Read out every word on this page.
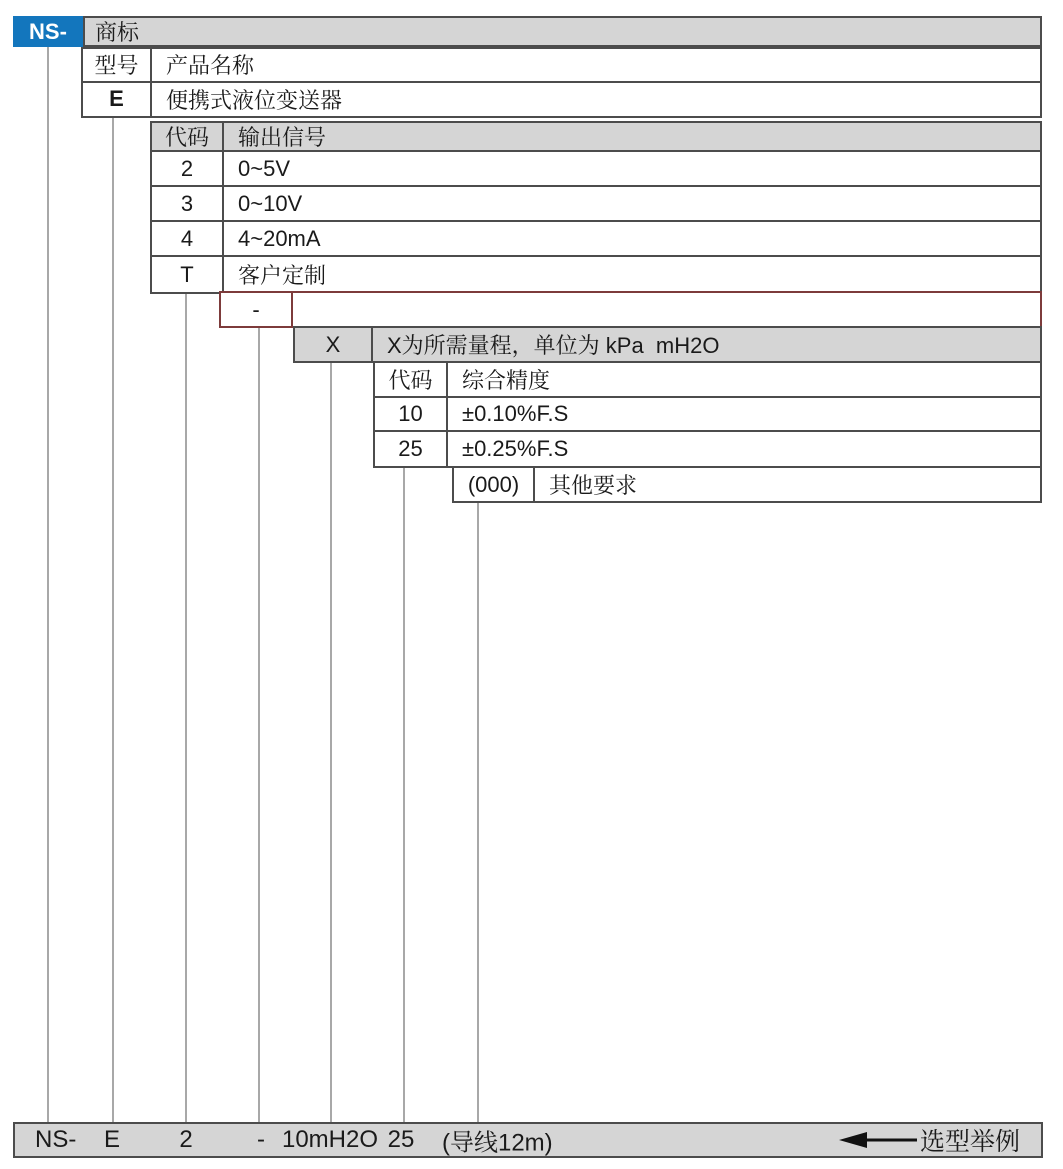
NS-	商标
型号	产品名称
E	便携式液位变送器
代码	输出信号
2	0~5V
3	0~10V
4	4~20mA
T	客户定制
-
X	X为所需量程，单位为 kPa  mH2O
代码	综合精度
10	±0.10%F.S
25	±0.25%F.S
(000)	其他要求
NS- E 2	- 10mH2O 25 (导线12m)	选型举例
